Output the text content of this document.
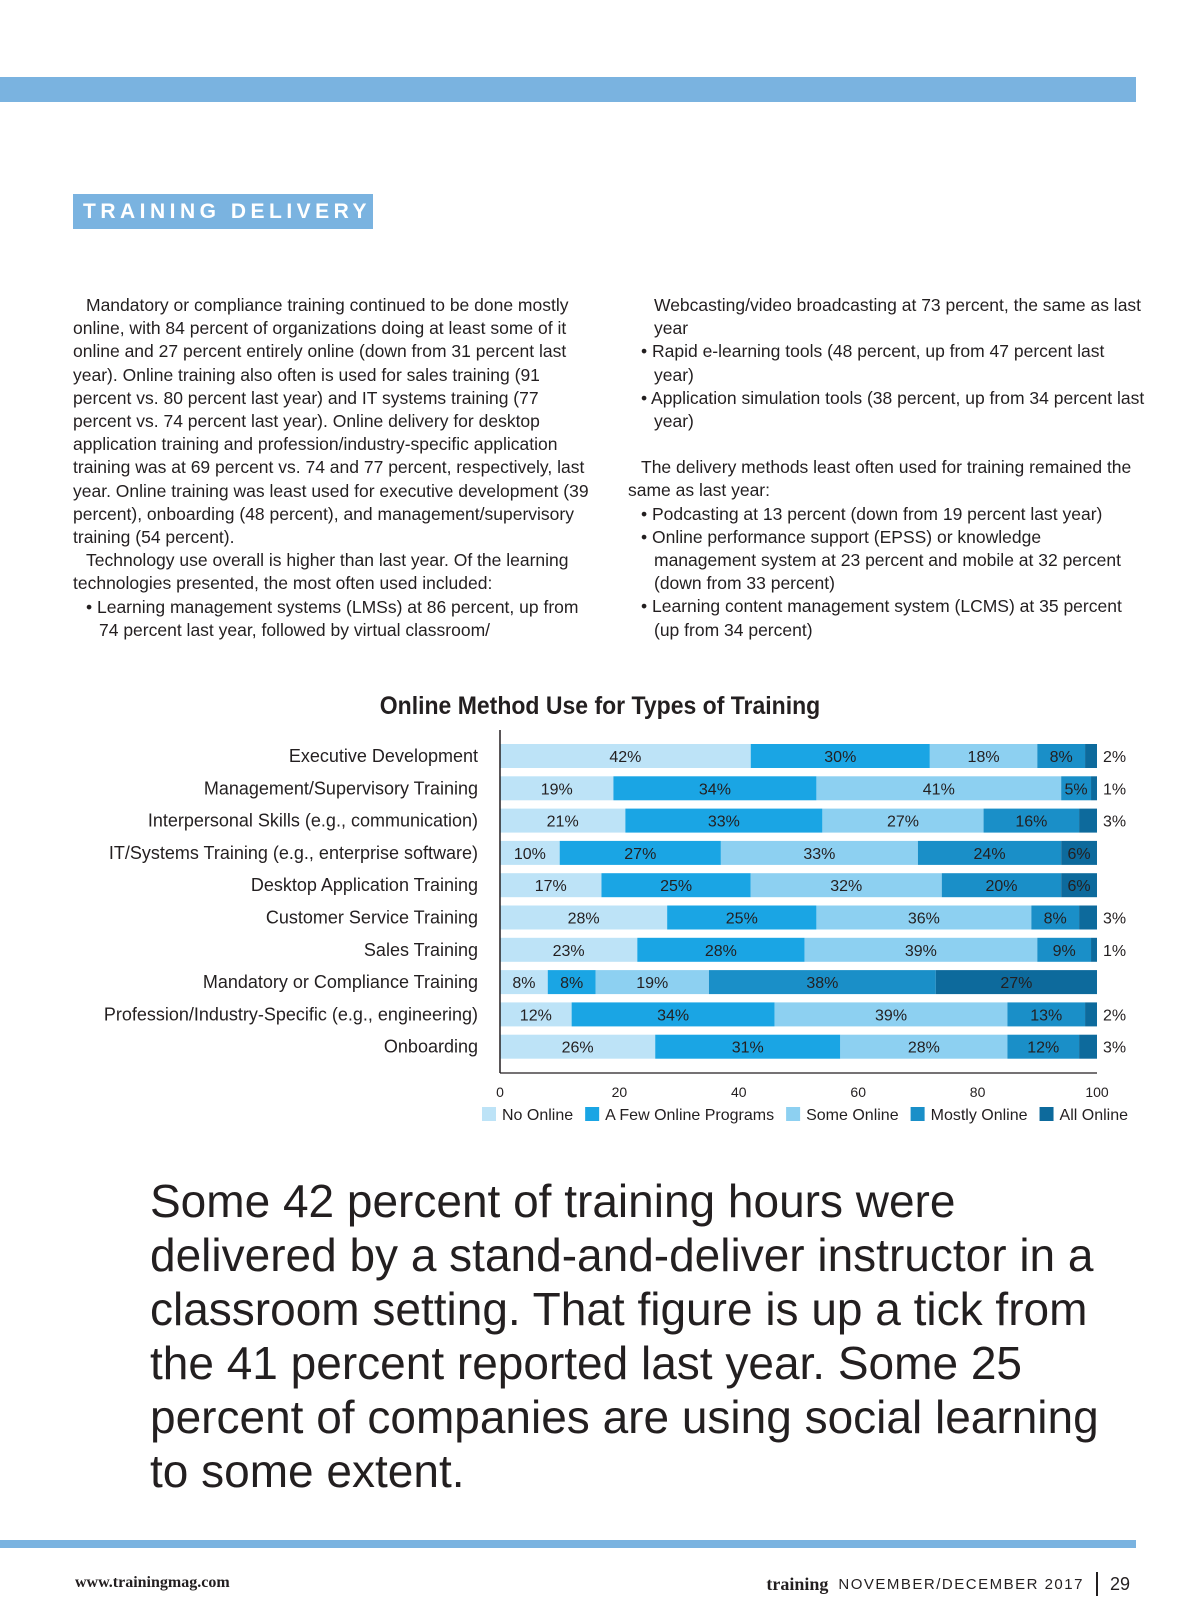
TRAINING DELIVERY

Mandatory or compliance training continued to be done mostly online, with 84 percent of organizations doing at least some of it online and 27 percent entirely online (down from 31 percent last year). Online training also often is used for sales training (91 percent vs. 80 percent last year) and IT systems training (77 percent vs. 74 percent last year). Online delivery for desktop application training and profession/industry-specific application training was at 69 percent vs. 74 and 77 percent, respectively, last year. Online training was least used for executive development (39 percent), onboarding (48 percent), and management/supervisory training (54 percent).

Technology use overall is higher than last year. Of the learning technologies presented, the most often used included:

• Learning management systems (LMSs) at 86 percent, up from 74 percent last year, followed by virtual classroom/

Webcasting/video broadcasting at 73 percent, the same as last year

• Rapid e-learning tools (48 percent, up from 47 percent last year)

• Application simulation tools (38 percent, up from 34 percent last year)

The delivery methods least often used for training remained the same as last year:

• Podcasting at 13 percent (down from 19 percent last year)

• Online performance support (EPSS) or knowledge management system at 23 percent and mobile at 32 percent (down from 33 percent)

• Learning content management system (LCMS) at 35 percent (up from 34 percent)

Online Method Use for Types of Training
Executive Development	42%	30%	18%	8% 2%
Management/Supervisory Training	19%	34%	41%	5% 1%
Interpersonal Skills (e.g., communication)	21%	33%	27%	16%	3%
IT/Systems Training (e.g., enterprise software) 10%	27%	33%	24%	6%
Desktop Application Training	17%	25%	32%	20%	6%
Customer Service Training	28%	25%	36%	8% 3%
Sales Training	23%	28%	39%	9% 1%
Mandatory or Compliance Training 8% 8%	19%	38%	27%
Profession/Industry-Specific (e.g., engineering)	12%	34%	39%	13%	2%
Onboarding	26%	31%	28%	12%	3%
0	20	40	60	80	100
No Online A Few Online Programs Some Online Mostly Online All Online
Some 42 percent of training hours were delivered by a stand-and-deliver instructor in a classroom setting. That figure is up a tick from the 41 percent reported last year. Some 25 percent of companies are using social learning to some extent.
www.trainingmag.com	training NOVEMBER/DECEMBER 2017 29
